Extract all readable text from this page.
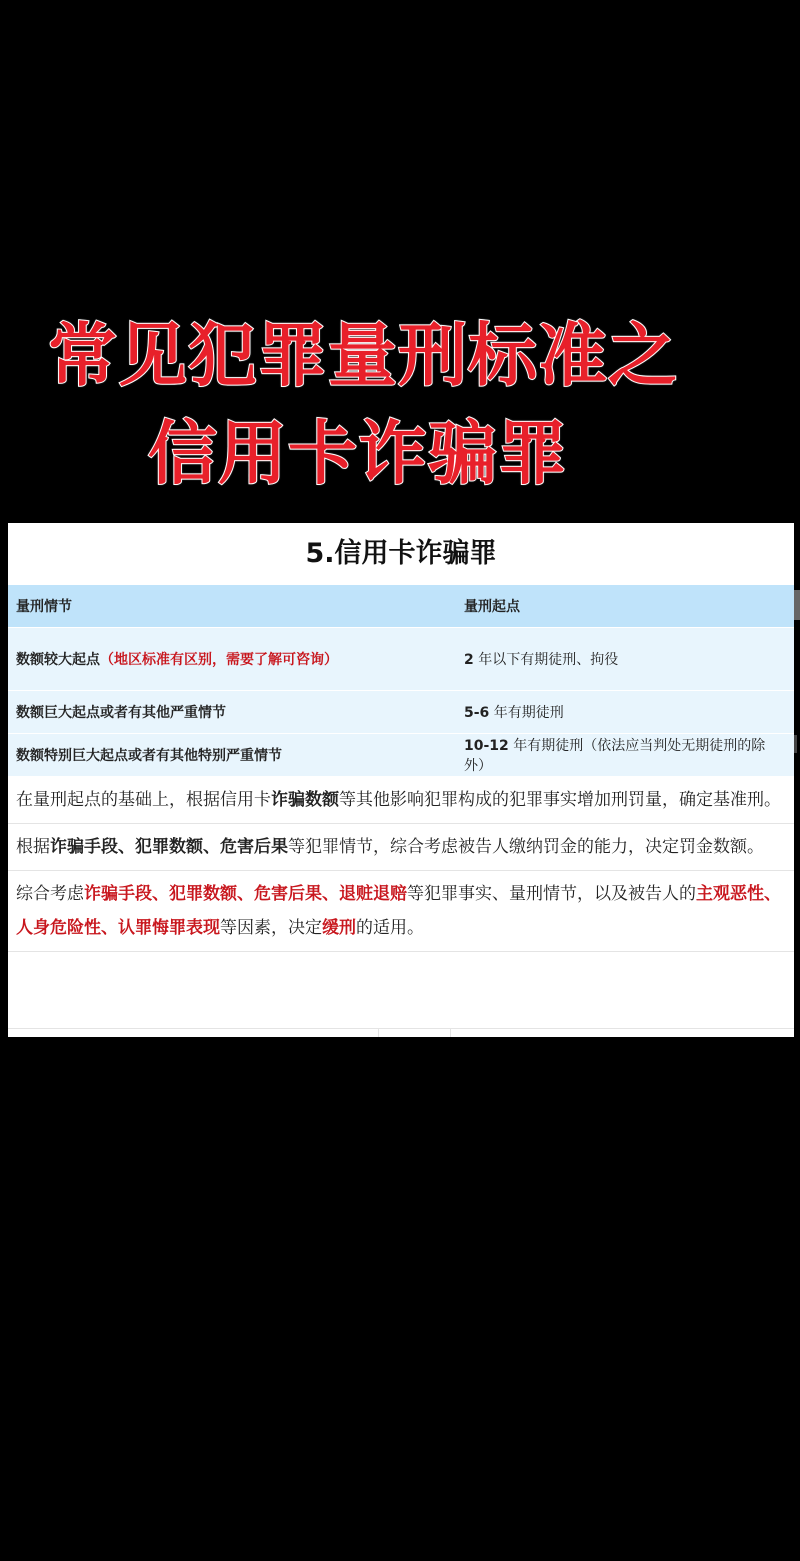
常见犯罪量刑标准之
信用卡诈骗罪
5.信用卡诈骗罪
量刑情节	量刑起点
数额较大起点（地区标准有区别，需要了解可咨询）	2 年以下有期徒刑、拘役
数额巨大起点或者有其他严重情节	5-6 年有期徒刑
数额特别巨大起点或者有其他特别严重情节	10-12 年有期徒刑（依法应当判处无期徒刑的除外）
在量刑起点的基础上，根据信用卡诈骗数额等其他影响犯罪构成的犯罪事实增加刑罚量，确定基准刑。
根据诈骗手段、犯罪数额、危害后果等犯罪情节，综合考虑被告人缴纳罚金的能力，决定罚金数额。
综合考虑诈骗手段、犯罪数额、危害后果、退赃退赔等犯罪事实、量刑情节，以及被告人的主观恶性、人身危险性、认罪悔罪表现等因素，决定缓刑的适用。
